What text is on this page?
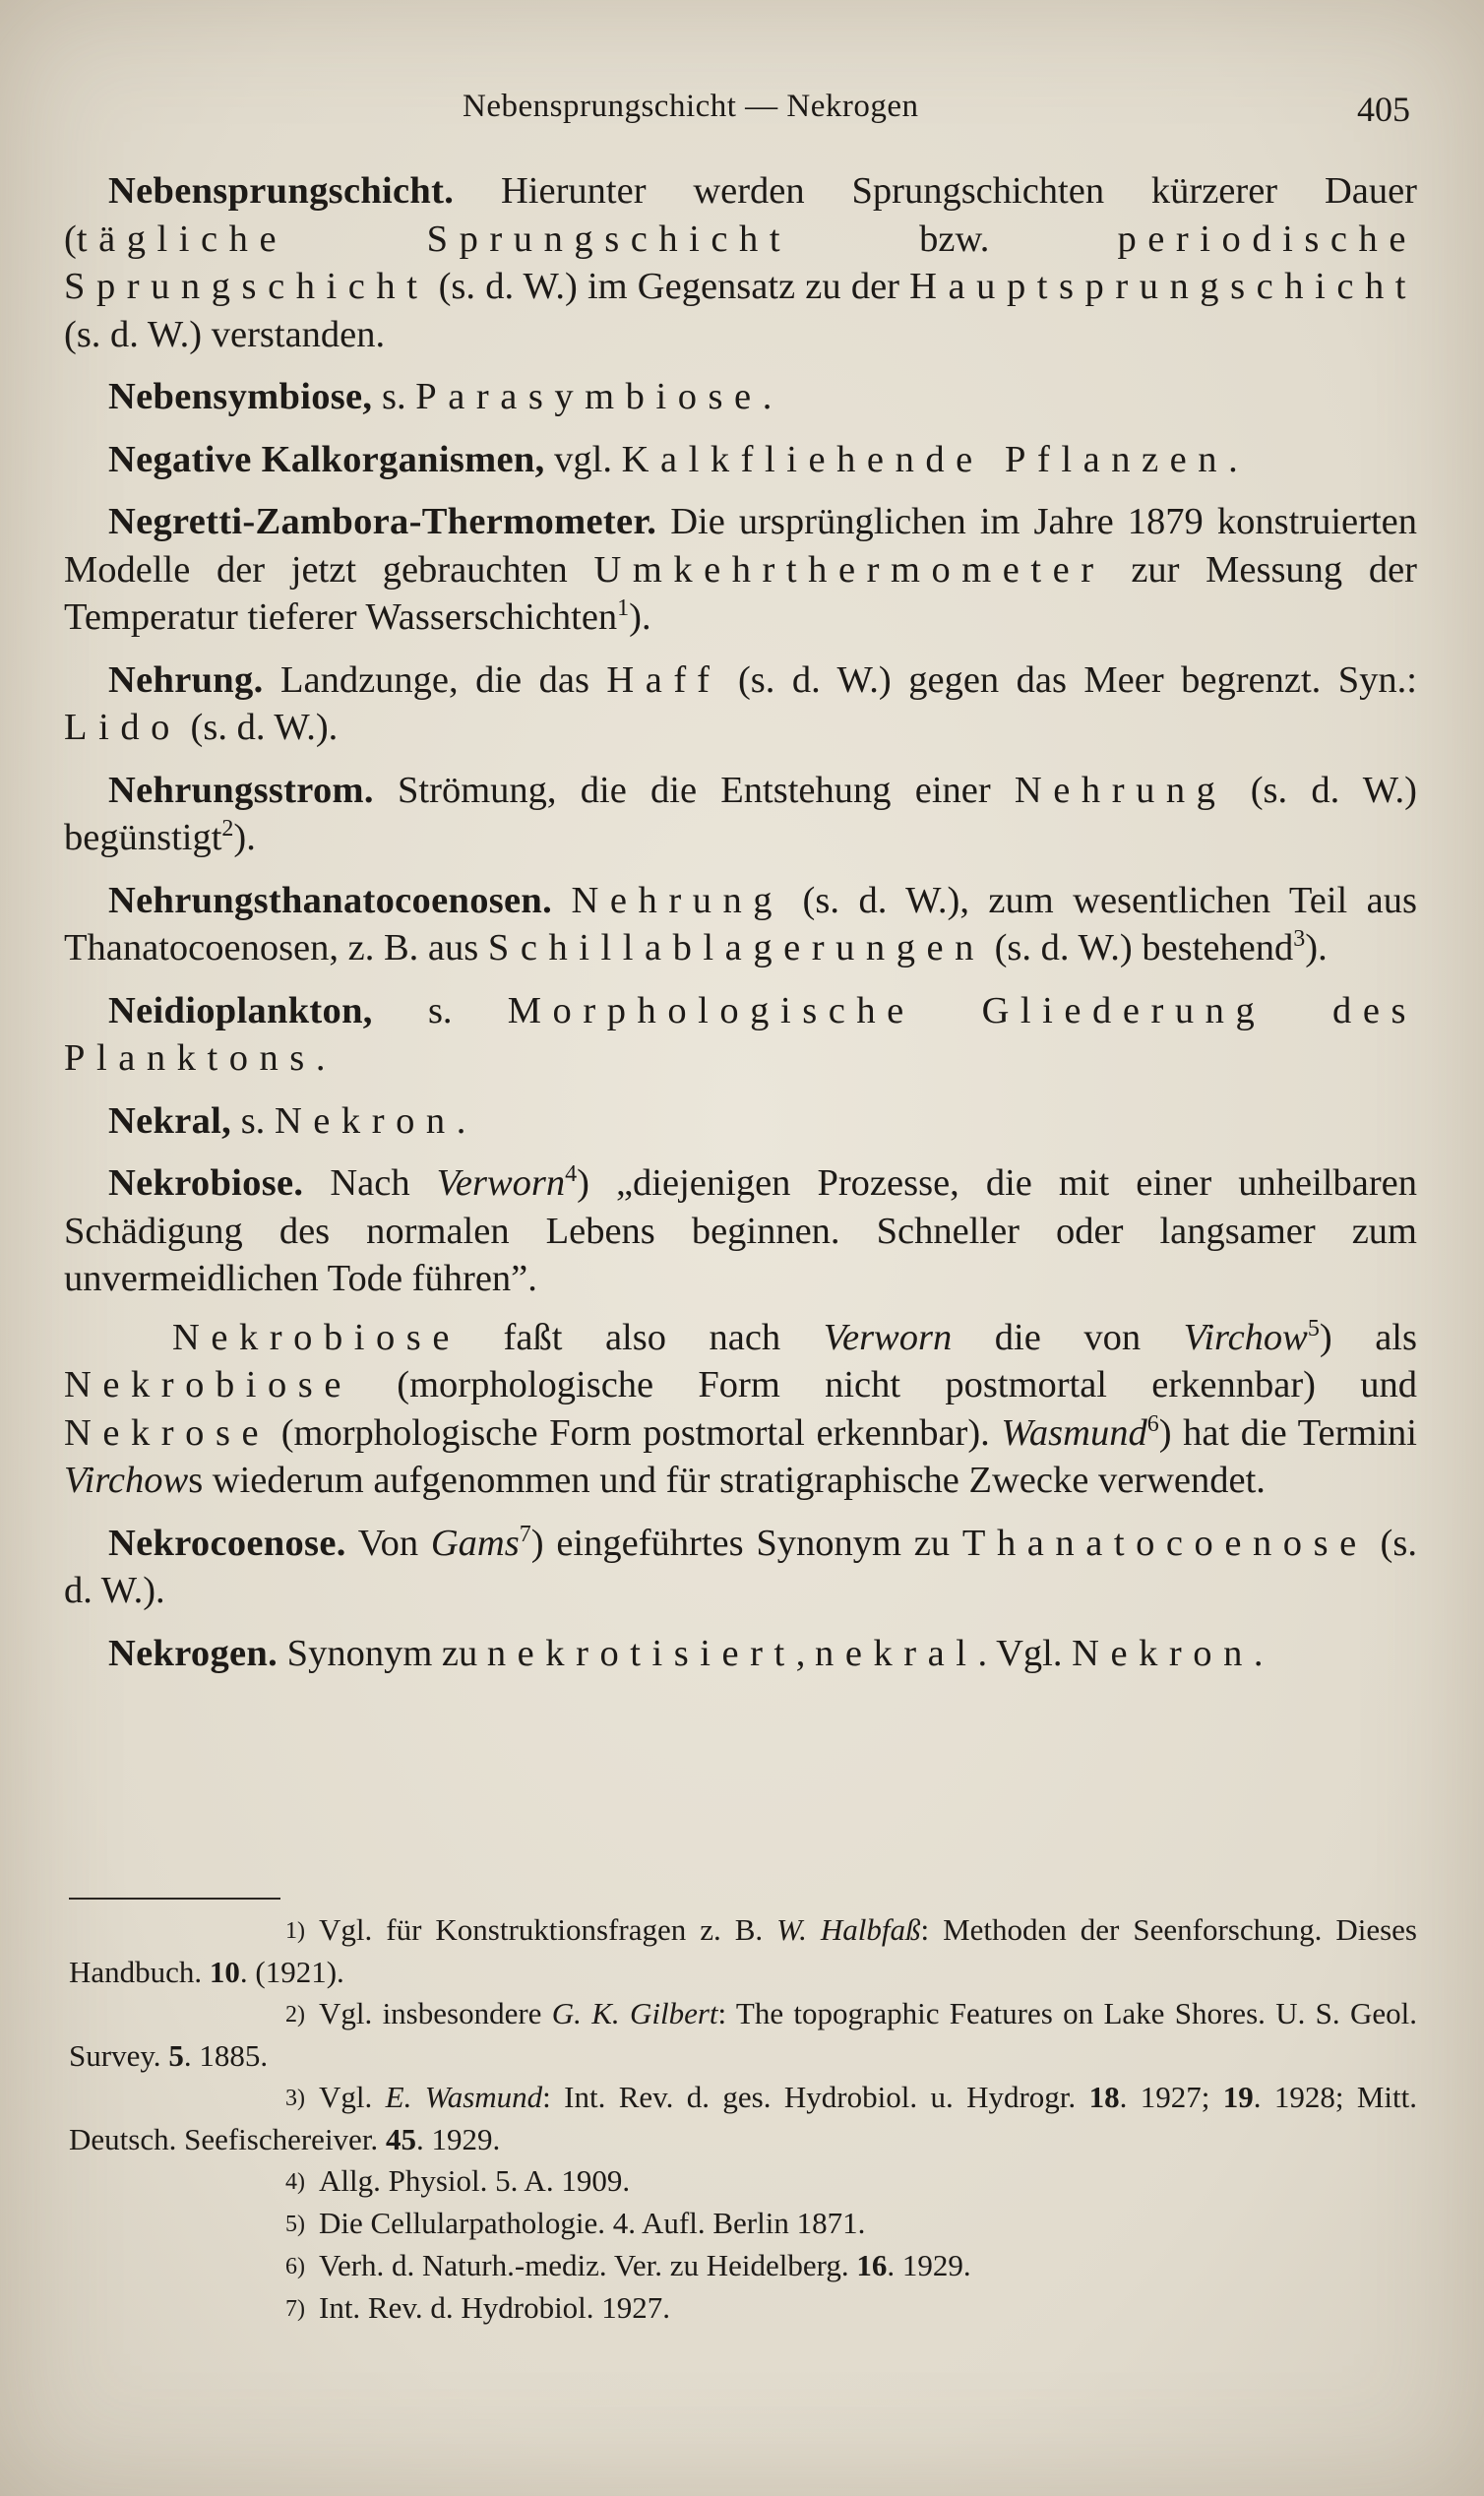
Nebensprungschicht — Nekrogen	405

Nebensprungschicht. Hierunter werden Sprungschichten kürzerer Dauer (tägliche Sprungschicht bzw. periodische Sprungschicht (s. d. W.) im Gegensatz zu der Hauptsprungschicht (s. d. W.) verstanden.

Nebensymbiose, s. Parasymbiose.

Negative Kalkorganismen, vgl. Kalkfliehende Pflanzen.

Negretti-Zambora-Thermometer. Die ursprünglichen im Jahre 1879 konstruierten Modelle der jetzt gebrauchten Umkehrthermometer zur Messung der Temperatur tieferer Wasserschichten$^1$).

Nehrung. Landzunge, die das Haff (s. d. W.) gegen das Meer begrenzt. Syn.: Lido (s. d. W.).

Nehrungsstrom. Strömung, die die Entstehung einer Nehrung (s. d. W.) begünstigt$^2$).

Nehrungsthanatocoenosen. Nehrung (s. d. W.), zum wesentlichen Teil aus Thanatocoenosen, z. B. aus Schillablagerungen (s. d. W.) bestehend$^3$).

Neidioplankton, s. Morphologische Gliederung des Planktons.

Nekral, s. Nekron.

Nekrobiose. Nach Verworn$^4$) „diejenigen Prozesse, die mit einer unheilbaren Schädigung des normalen Lebens beginnen. Schneller oder langsamer zum unvermeidlichen Tode führen”.

Nekrobiose faßt also nach Verworn die von Virchow$^5$) als Nekrobiose (morphologische Form nicht postmortal erkennbar) und Nekrose (morphologische Form postmortal erkennbar). Wasmund$^6$) hat die Termini Virchows wiederum aufgenommen und für stratigraphische Zwecke verwendet.

Nekrocoenose. Von Gams$^7$) eingeführtes Synonym zu Thanatocoenose (s. d. W.).

Nekrogen. Synonym zu nekrotisiert, nekral. Vgl. Nekron.

1) Vgl. für Konstruktionsfragen z. B. W. Halbfaß: Methoden der Seenforschung. Dieses Handbuch. 10. (1921).

2) Vgl. insbesondere G. K. Gilbert: The topographic Features on Lake Shores. U. S. Geol. Survey. 5. 1885.

3) Vgl. E. Wasmund: Int. Rev. d. ges. Hydrobiol. u. Hydrogr. 18. 1927; 19. 1928; Mitt. Deutsch. Seefischereiver. 45. 1929.

4) Allg. Physiol. 5. A. 1909.

5) Die Cellularpathologie. 4. Aufl. Berlin 1871.

6) Verh. d. Naturh.-mediz. Ver. zu Heidelberg. 16. 1929.

7) Int. Rev. d. Hydrobiol. 1927.
